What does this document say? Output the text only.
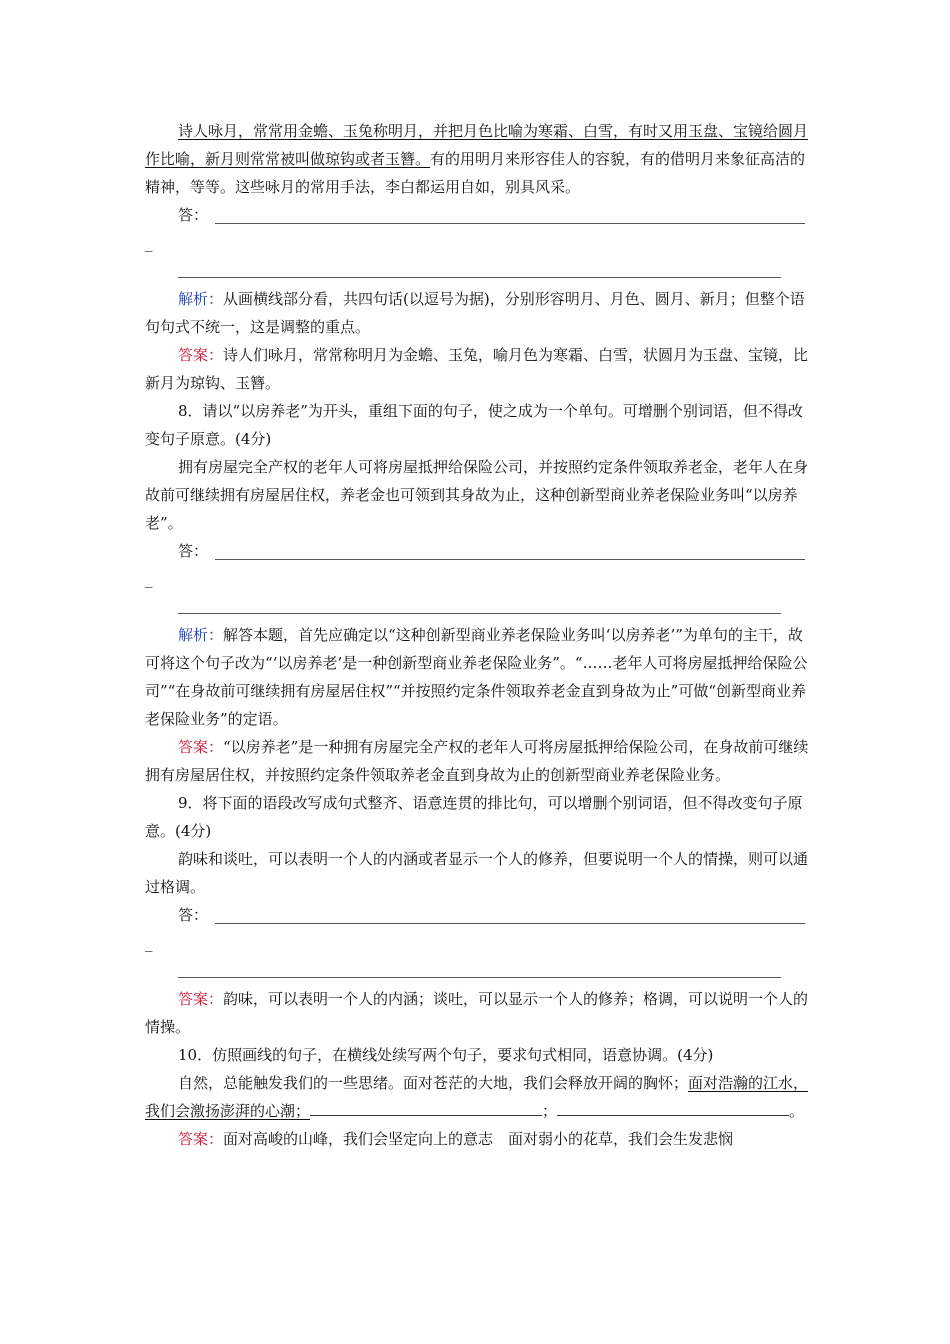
诗人咏月，常常用金蟾、玉兔称明月，并把月色比喻为寒霜、白雪，有时又用玉盘、宝镜给圆月作比喻，新月则常常被叫做琼钩或者玉簪。有的用明月来形容佳人的容貌，有的借明月来象征高洁的精神，等等。这些咏月的常用手法，李白都运用自如，别具风采。

答：
_

解析：从画横线部分看，共四句话(以逗号为据)，分别形容明月、月色、圆月、新月；但整个语句句式不统一，这是调整的重点。

答案：诗人们咏月，常常称明月为金蟾、玉兔，喻月色为寒霜、白雪，状圆月为玉盘、宝镜，比新月为琼钩、玉簪。

8．请以“以房养老”为开头，重组下面的句子，使之成为一个单句。可增删个别词语，但不得改变句子原意。(4分)

拥有房屋完全产权的老年人可将房屋抵押给保险公司，并按照约定条件领取养老金，老年人在身故前可继续拥有房屋居住权，养老金也可领到其身故为止，这种创新型商业养老保险业务叫“以房养老”。

答：
_

解析：解答本题，首先应确定以“这种创新型商业养老保险业务叫‘以房养老’”为单句的主干，故可将这个句子改为“‘以房养老’是一种创新型商业养老保险业务”。“……老年人可将房屋抵押给保险公司”“在身故前可继续拥有房屋居住权”“并按照约定条件领取养老金直到身故为止”可做“创新型商业养老保险业务”的定语。

答案：“以房养老”是一种拥有房屋完全产权的老年人可将房屋抵押给保险公司，在身故前可继续拥有房屋居住权，并按照约定条件领取养老金直到身故为止的创新型商业养老保险业务。

9．将下面的语段改写成句式整齐、语意连贯的排比句，可以增删个别词语，但不得改变句子原意。(4分)

韵味和谈吐，可以表明一个人的内涵或者显示一个人的修养，但要说明一个人的情操，则可以通过格调。

答：
_

答案：韵味，可以表明一个人的内涵；谈吐，可以显示一个人的修养；格调，可以说明一个人的情操。

10．仿照画线的句子，在横线处续写两个句子，要求句式相同，语意协调。(4分)

自然，总能触发我们的一些思绪。面对苍茫的大地，我们会释放开阔的胸怀；面对浩瀚的江水，我们会激扬澎湃的心潮；	；	。

答案：面对高峻的山峰，我们会坚定向上的意志　面对弱小的花草，我们会生发悲悯
